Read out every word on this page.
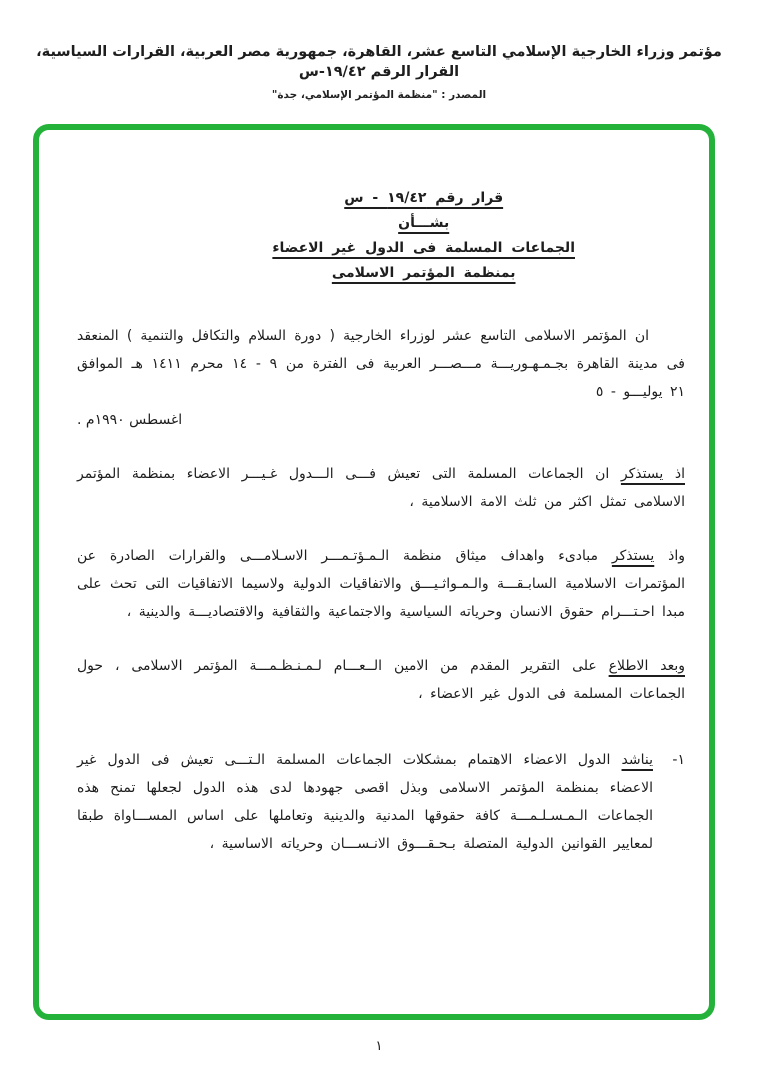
مؤتمر وزراء الخارجية الإسلامي التاسع عشر، القاهرة، جمهورية مصر العربية، القرارات السياسية، القرار الرقم ١٩/٤٢-س
المصدر : "منظمة المؤتمر الإسلامي، جدة"
قرار رقم ١٩/٤٢ - س
بشـــأن
الجماعات المسلمة فى الدول غير الاعضاء
بمنظمة المؤتمر الاسلامى
ان المؤتمر الاسلامى التاسع عشر لوزراء الخارجية ( دورة السلام والتكافل والتنمية ) المنعقد فى مدينة القاهرة بجـمـهـوريـــة مـــصـــر العربية فى الفترة من ٩ - ١٤ محرم ١٤١١ هـ الموافق ٢١ يوليـــو - ٥
اغسطس ١٩٩٠م .
اذ يستذكر ان الجماعات المسلمة التى تعيش فـــى الـــدول غـيـــر الاعضاء بمنظمة المؤتمر الاسلامى تمثل اكثر من ثلث الامة الاسلامية ،
واذ يستذكر مبادىء واهداف ميثاق منظمة الـمـؤتـمـــر الاسـلامـــى والقرارات الصادرة عن المؤتمرات الاسلامية السابـقـــة والـمـواثـيـــق والاتفاقيات الدولية ولاسيما الاتفاقيات التى تحث على مبدا احـتـــرام حقوق الانسان وحرياته السياسية والاجتماعية والثقافية والاقتصاديـــة والدينية ،
وبعد الاطلاع على التقرير المقدم من الامين الــعـــام لـمـنـظـمـــة المؤتمر الاسلامى ، حول الجماعات المسلمة فى الدول غير الاعضاء ،
١-
يناشد الدول الاعضاء الاهتمام بمشكلات الجماعات المسلمة الـتـــى تعيش فى الدول غير الاعضاء بمنظمة المؤتمر الاسلامى وبذل اقصى جهودها لدى هذه الدول لجعلها تمنح هذه الجماعات الـمـسـلـمـــة كافة حقوقها المدنية والدينية وتعاملها على اساس المســـاواة طبقا لمعايير القوانين الدولية المتصلة بـحـقـــوق الانـســـان وحرياته الاساسية ،
١
